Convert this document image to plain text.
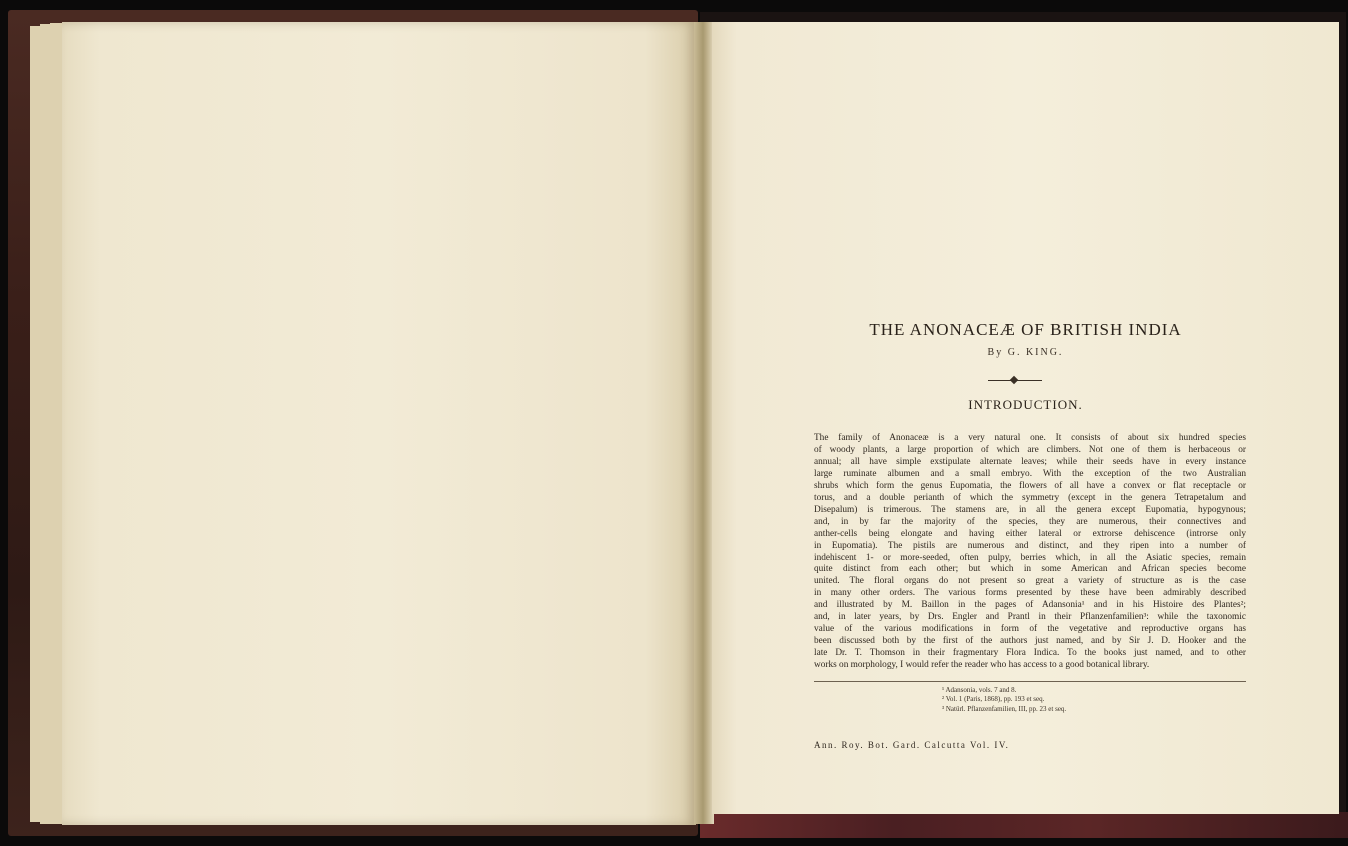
THE ANONACEÆ OF BRITISH INDIA
By G. KING.
INTRODUCTION.
The family of Anonaceæ is a very natural one. It consists of about six hundred species
of woody plants, a large proportion of which are climbers. Not one of them is herbaceous or
annual; all have simple exstipulate alternate leaves; while their seeds have in every instance
large ruminate albumen and a small embryo. With the exception of the two Australian
shrubs which form the genus Eupomatia, the flowers of all have a convex or flat receptacle or
torus, and a double perianth of which the symmetry (except in the genera Tetrapetalum and
Disepalum) is trimerous. The stamens are, in all the genera except Eupomatia, hypogynous;
and, in by far the majority of the species, they are numerous, their connectives and
anther-cells being elongate and having either lateral or extrorse dehiscence (introrse only
in Eupomatia). The pistils are numerous and distinct, and they ripen into a number of
indehiscent 1- or more-seeded, often pulpy, berries which, in all the Asiatic species, remain
quite distinct from each other; but which in some American and African species become
united. The floral organs do not present so great a variety of structure as is the case
in many other orders. The various forms presented by these have been admirably described
and illustrated by M. Baillon in the pages of Adansonia¹ and in his Histoire des Plantes²;
and, in later years, by Drs. Engler and Prantl in their Pflanzenfamilien³: while the taxonomic
value of the various modifications in form of the vegetative and reproductive organs has
been discussed both by the first of the authors just named, and by Sir J. D. Hooker and the
late Dr. T. Thomson in their fragmentary Flora Indica. To the books just named, and to other
works on morphology, I would refer the reader who has access to a good botanical library.
¹ Adansonia, vols. 7 and 8.
² Vol. 1 (Paris, 1868), pp. 193 et seq.
³ Natürl. Pflanzenfamilien, III, pp. 23 et seq.
Ann. Roy. Bot. Gard. Calcutta Vol. IV.
